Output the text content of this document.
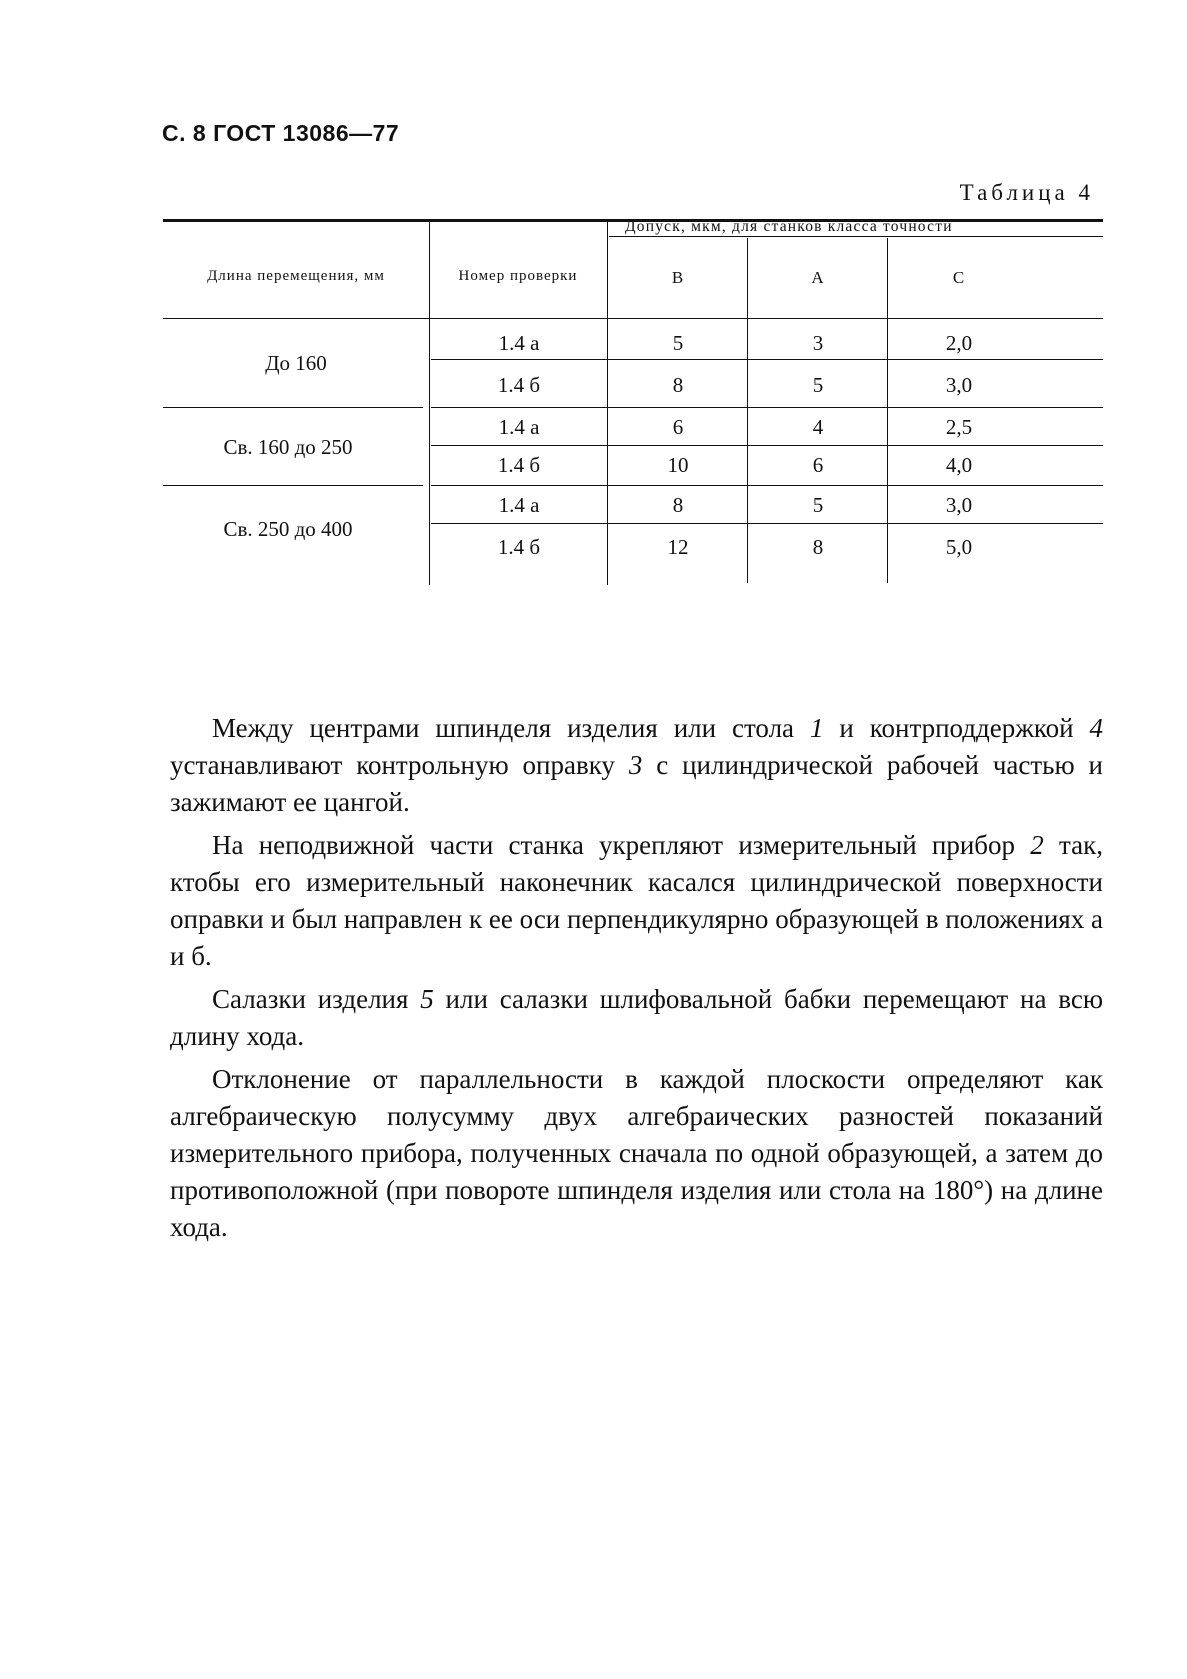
С. 8 ГОСТ 13086—77
Таблица 4
Длина перемещения, мм	Номер проверки
Допуск, мкм, для станков класса точности
В	А	С
До 160
1.4 а	5	3	2,0
1.4 б	8	5	3,0
Св. 160 до 250
1.4 а	6	4	2,5
1.4 б	10	6	4,0
Св. 250 до 400
1.4 а	8	5	3,0
1.4 б	12	8	5,0

Между центрами шпинделя изделия или стола 1 и контрподдержкой 4 устанавливают контрольную оправку 3 с цилиндрической рабочей частью и зажимают ее цангой.

На неподвижной части станка укрепляют измерительный прибор 2 так, ктобы его измерительный наконечник касался цилиндрической поверхности оправки и был направлен к ее оси перпендикулярно образующей в положениях а и б.

Салазки изделия 5 или салазки шлифовальной бабки перемещают на всю длину хода.

Отклонение от параллельности в каждой плоскости определяют как алгебраическую полусумму двух алгебраических разностей показаний измерительного прибора, полученных сначала по одной образующей, а затем до противоположной (при повороте шпинделя изделия или стола на 180°) на длине хода.
